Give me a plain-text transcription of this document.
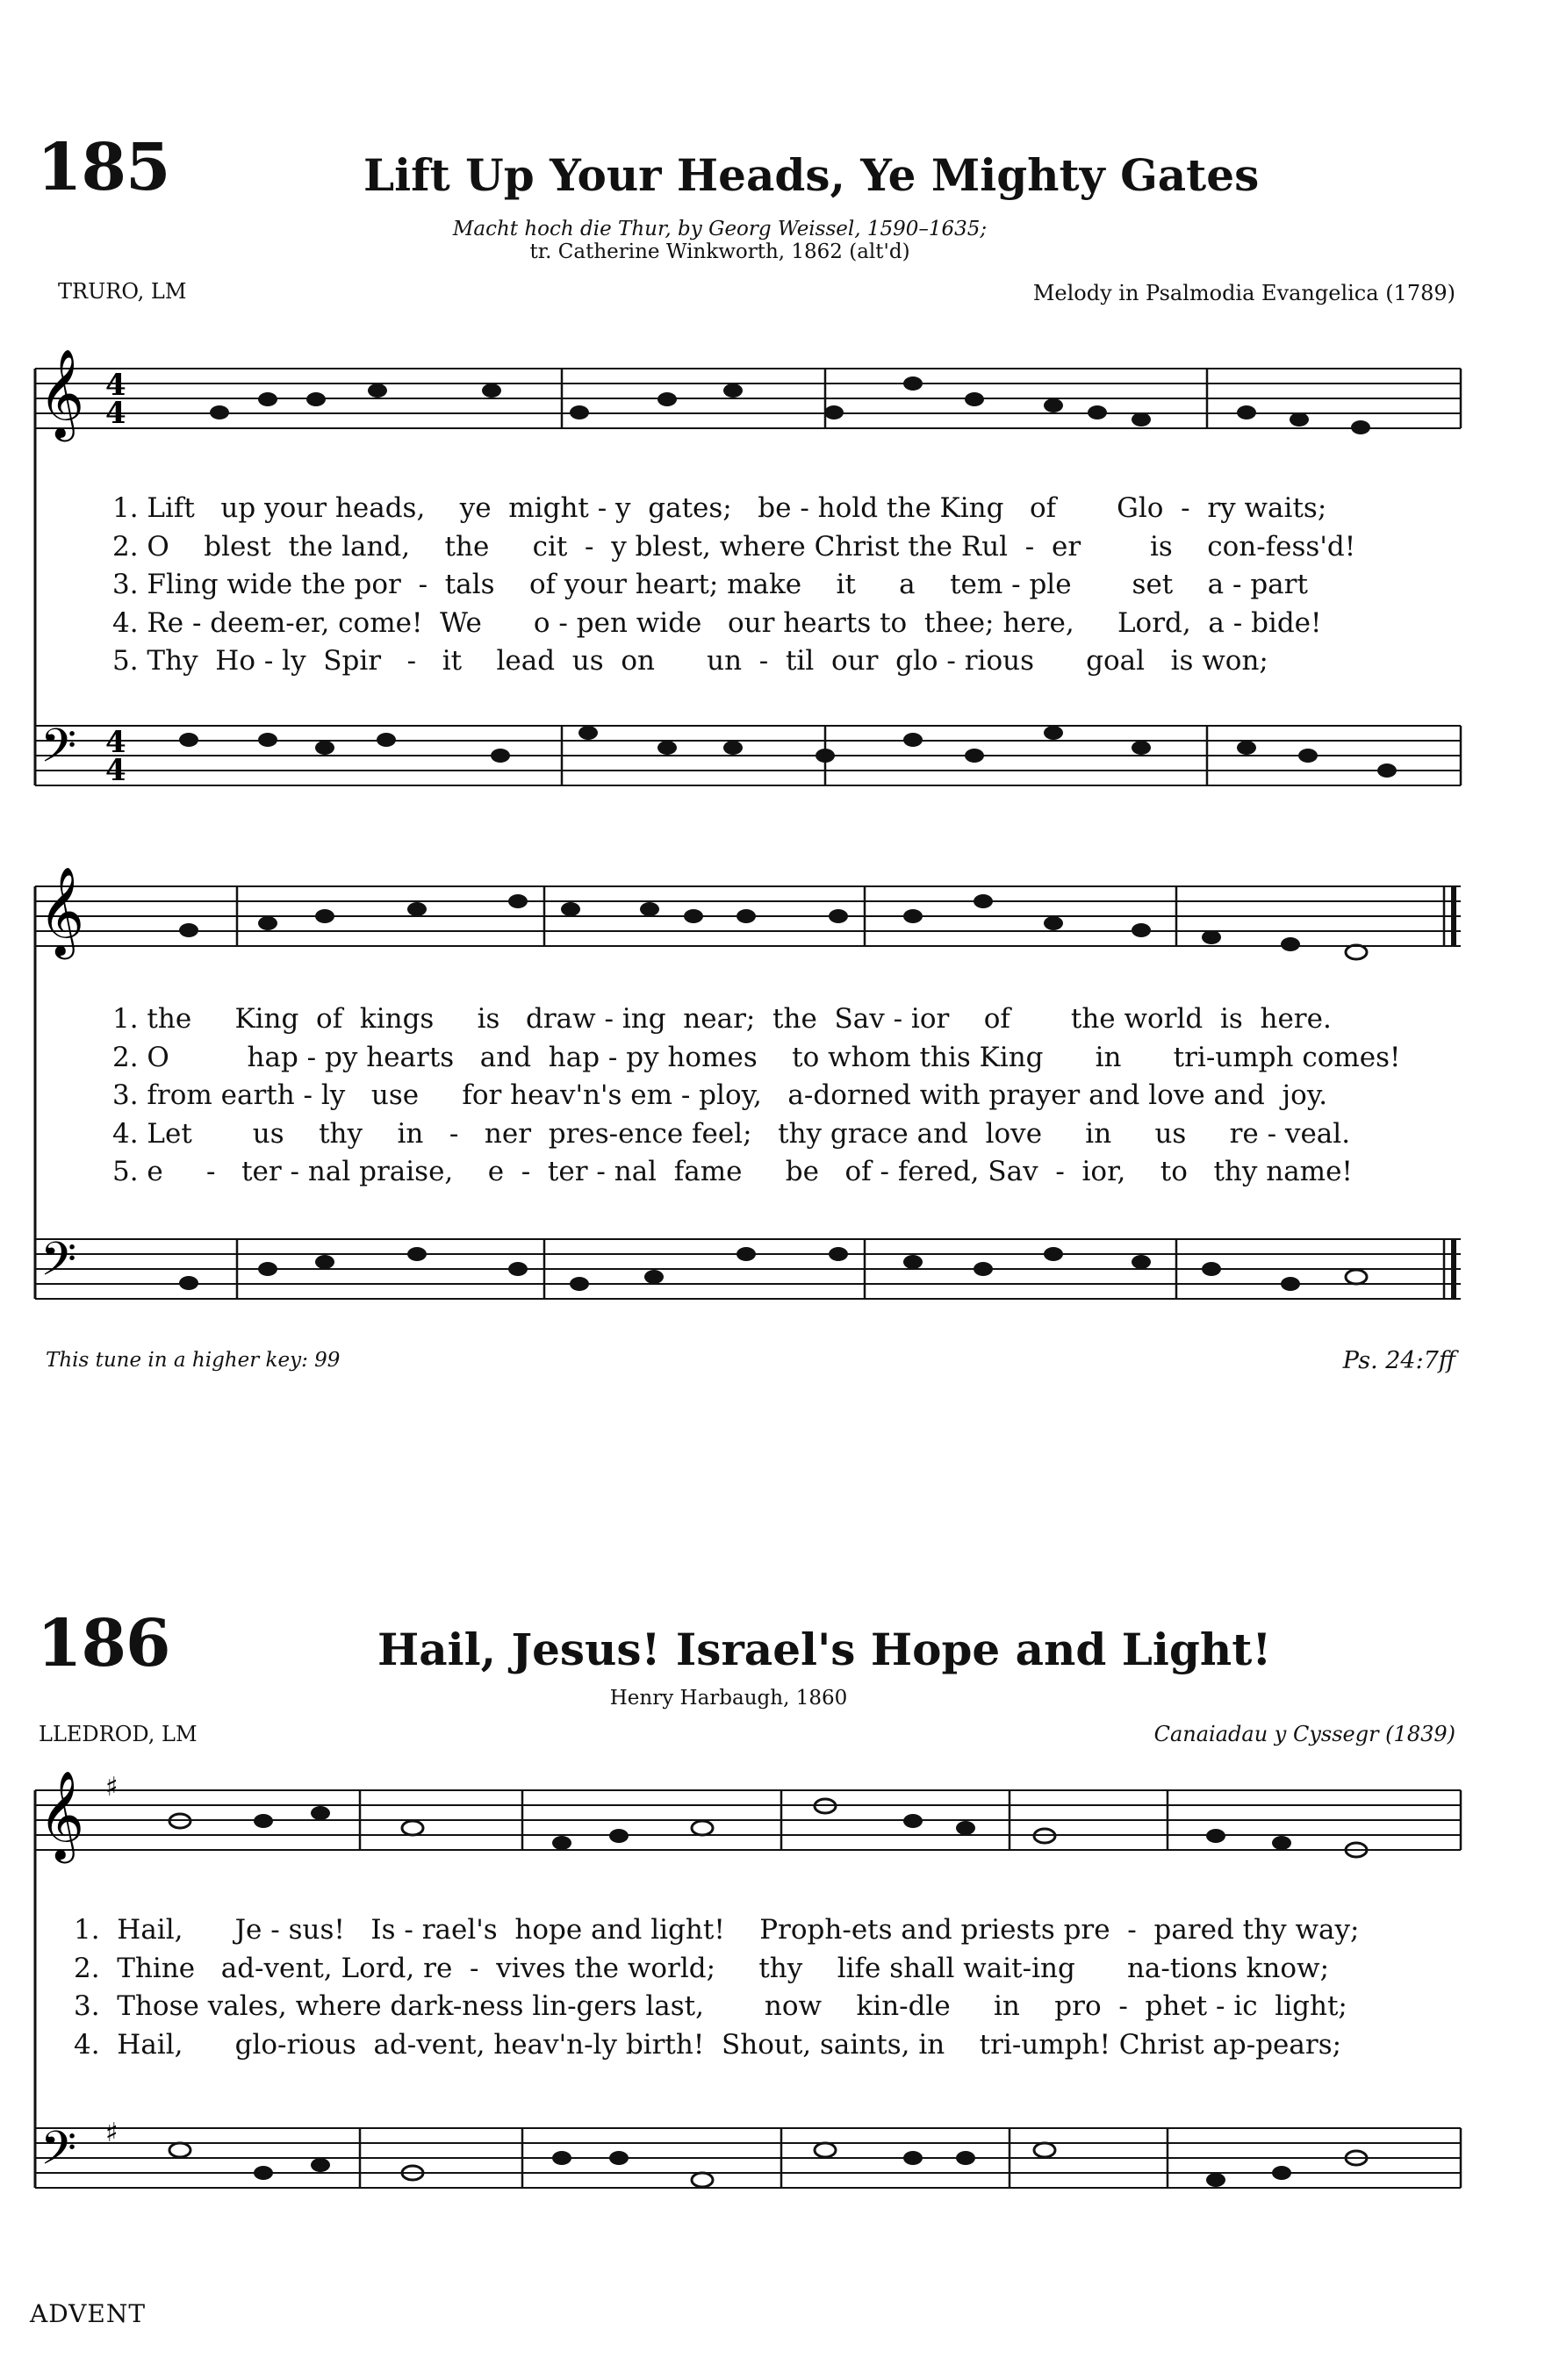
185	Lift Up Your Heads, Ye Mighty Gates
Macht hoch die Thur, by Georg Weissel, 1590–1635;
tr. Catherine Winkworth, 1862 (alt'd)
TRURO, LM	Melody in Psalmodia Evangelica (1789)
𝄞 4
4
𝄢 4
4
𝄞
𝄢
𝄞 ♯
𝄢 ♯
1. Lift   up your heads,    ye  might - y  gates;   be - hold the King   of       Glo  -  ry waits;
2. O    blest  the land,    the     cit  -  y blest, where Christ the Rul  -  er        is    con-fess'd!
3. Fling wide the por  -  tals    of your heart; make    it     a    tem - ple       set    a - part
4. Re - deem-er, come!  We      o - pen wide   our hearts to  thee; here,     Lord,  a - bide!
5. Thy  Ho - ly  Spir   -   it    lead  us  on      un  -  til  our  glo - rious      goal   is won;
1. the     King  of  kings     is   draw - ing  near;  the  Sav - ior    of       the world  is  here.
2. O         hap - py hearts   and  hap - py homes    to whom this King      in      tri-umph comes!
3. from earth - ly   use     for heav'n's em - ploy,   a-dorned with prayer and love and  joy.
4. Let       us    thy    in   -   ner  pres-ence feel;   thy grace and  love     in     us     re - veal.
5. e     -   ter - nal praise,    e  -  ter - nal  fame     be   of - fered, Sav  -  ior,    to   thy name!
This tune in a higher key: 99	Ps. 24:7ff
186	Hail, Jesus! Israel's Hope and Light!
Henry Harbaugh, 1860
LLEDROD, LM	Canaiadau y Cyssegr (1839)
1.  Hail,      Je - sus!   Is - rael's  hope and light!    Proph-ets and priests pre  -  pared thy way;
2.  Thine   ad-vent, Lord, re  -  vives the world;     thy    life shall wait-ing      na-tions know;
3.  Those vales, where dark-ness lin-gers last,       now    kin-dle     in    pro  -  phet - ic  light;
4.  Hail,      glo-rious  ad-vent, heav'n-ly birth!  Shout, saints, in    tri-umph! Christ ap-pears;
ADVENT
